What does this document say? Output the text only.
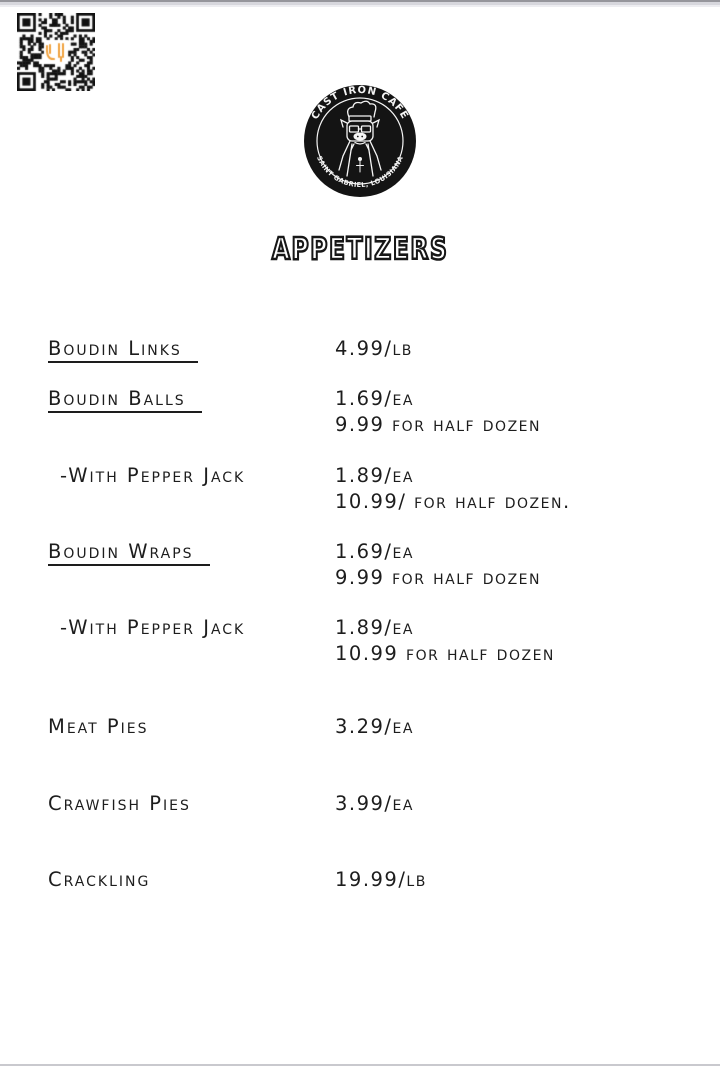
CAST IRON CAFÉ
SAINT GABRIEL, LOUISIANA
APPETIZERS
Boudin Links	4.99/lb
Boudin Balls	1.69/ea
9.99 for half dozen
-With Pepper Jack	1.89/ea
10.99/ for half dozen.
Boudin Wraps	1.69/ea
9.99 for half dozen
-With Pepper Jack	1.89/ea
10.99 for half dozen
Meat Pies	3.29/ea
Crawfish Pies	3.99/ea
Crackling	19.99/lb
